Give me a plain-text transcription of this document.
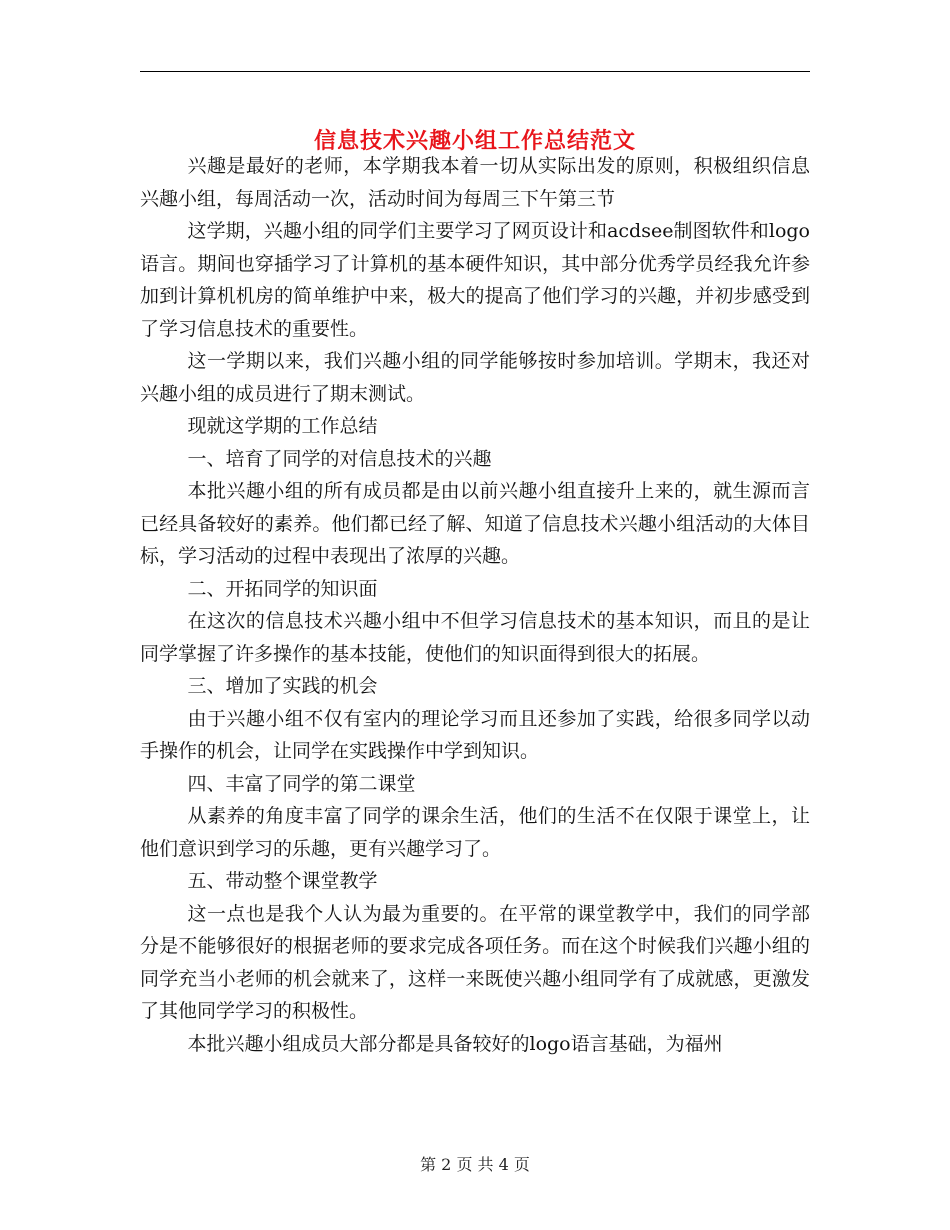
信息技术兴趣小组工作总结范文

兴趣是最好的老师，本学期我本着一切从实际出发的原则，积极组织信息兴趣小组，每周活动一次，活动时间为每周三下午第三节

这学期，兴趣小组的同学们主要学习了网页设计和acdsee制图软件和logo语言。期间也穿插学习了计算机的基本硬件知识，其中部分优秀学员经我允许参加到计算机机房的简单维护中来，极大的提高了他们学习的兴趣，并初步感受到了学习信息技术的重要性。

这一学期以来，我们兴趣小组的同学能够按时参加培训。学期末，我还对兴趣小组的成员进行了期末测试。

现就这学期的工作总结

一、培育了同学的对信息技术的兴趣

本批兴趣小组的所有成员都是由以前兴趣小组直接升上来的，就生源而言已经具备较好的素养。他们都已经了解、知道了信息技术兴趣小组活动的大体目标，学习活动的过程中表现出了浓厚的兴趣。

二、开拓同学的知识面

在这次的信息技术兴趣小组中不但学习信息技术的基本知识，而且的是让同学掌握了许多操作的基本技能，使他们的知识面得到很大的拓展。

三、增加了实践的机会

由于兴趣小组不仅有室内的理论学习而且还参加了实践，给很多同学以动手操作的机会，让同学在实践操作中学到知识。

四、丰富了同学的第二课堂

从素养的角度丰富了同学的课余生活，他们的生活不在仅限于课堂上，让他们意识到学习的乐趣，更有兴趣学习了。

五、带动整个课堂教学

这一点也是我个人认为最为重要的。在平常的课堂教学中，我们的同学部分是不能够很好的根据老师的要求完成各项任务。而在这个时候我们兴趣小组的同学充当小老师的机会就来了，这样一来既使兴趣小组同学有了成就感，更激发了其他同学学习的积极性。

本批兴趣小组成员大部分都是具备较好的logo语言基础，为福州

第 2 页 共 4 页
